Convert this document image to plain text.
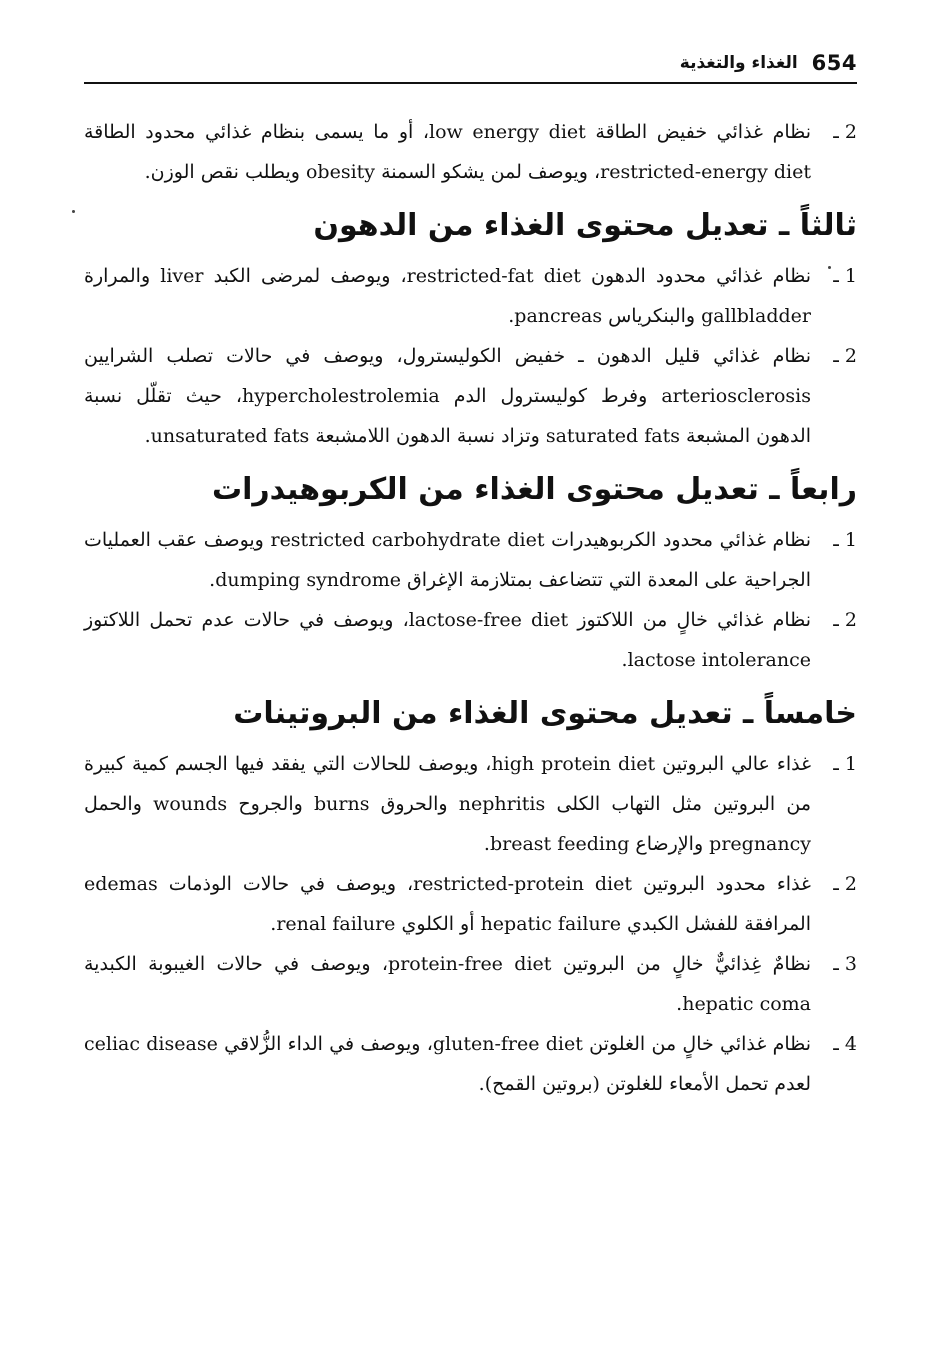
654
الغذاء والتغذية
2 ـ
نظام غذائي خفيض الطاقة low energy diet، أو ما يسمى بنظام غذائي محدود الطاقة restricted-energy diet، ويوصف لمن يشكو السمنة obesity ويطلب نقص الوزن.
ثالثاً ـ تعديل محتوى الغذاء من الدهون
1 ـ
نظام غذائي محدود الدهون restricted-fat diet، ويوصف لمرضى الكبد liver والمرارة gallbladder والبنكرياس pancreas.
2 ـ
نظام غذائي قليل الدهون ـ خفيض الكوليسترول، ويوصف في حالات تصلب الشرايين arteriosclerosis وفرط كوليسترول الدم hypercholestrolemia، حيث تقلّل نسبة الدهون المشبعة saturated fats وتزاد نسبة الدهون اللامشبعة unsaturated fats.
رابعاً ـ تعديل محتوى الغذاء من الكربوهيدرات
1 ـ
نظام غذائي محدود الكربوهيدرات restricted carbohydrate diet ويوصف عقب العمليات الجراحية على المعدة التي تتضاعف بمتلازمة الإغراق dumping syndrome.
2 ـ
نظام غذائي خالٍ من اللاكتوز lactose-free diet، ويوصف في حالات عدم تحمل اللاكتوز lactose intolerance.
خامساً ـ تعديل محتوى الغذاء من البروتينات
1 ـ
غذاء عالي البروتين high protein diet، ويوصف للحالات التي يفقد فيها الجسم كمية كبيرة من البروتين مثل التهاب الكلى nephritis والحروق burns والجروح wounds والحمل pregnancy والإرضاع breast feeding.
2 ـ
غذاء محدود البروتين restricted-protein diet، ويوصف في حالات الوذمات edemas المرافقة للفشل الكبدي hepatic failure أو الكلوي renal failure.
3 ـ
نظامٌ غِذائيٌّ خالٍ من البروتين protein-free diet، ويوصف في حالات الغيبوبة الكبدية hepatic coma.
4 ـ
نظام غذائي خالٍ من الغلوتن gluten-free diet، ويوصف في الداء الزُّلاقي celiac disease لعدم تحمل الأمعاء للغلوتن (بروتين القمح).
